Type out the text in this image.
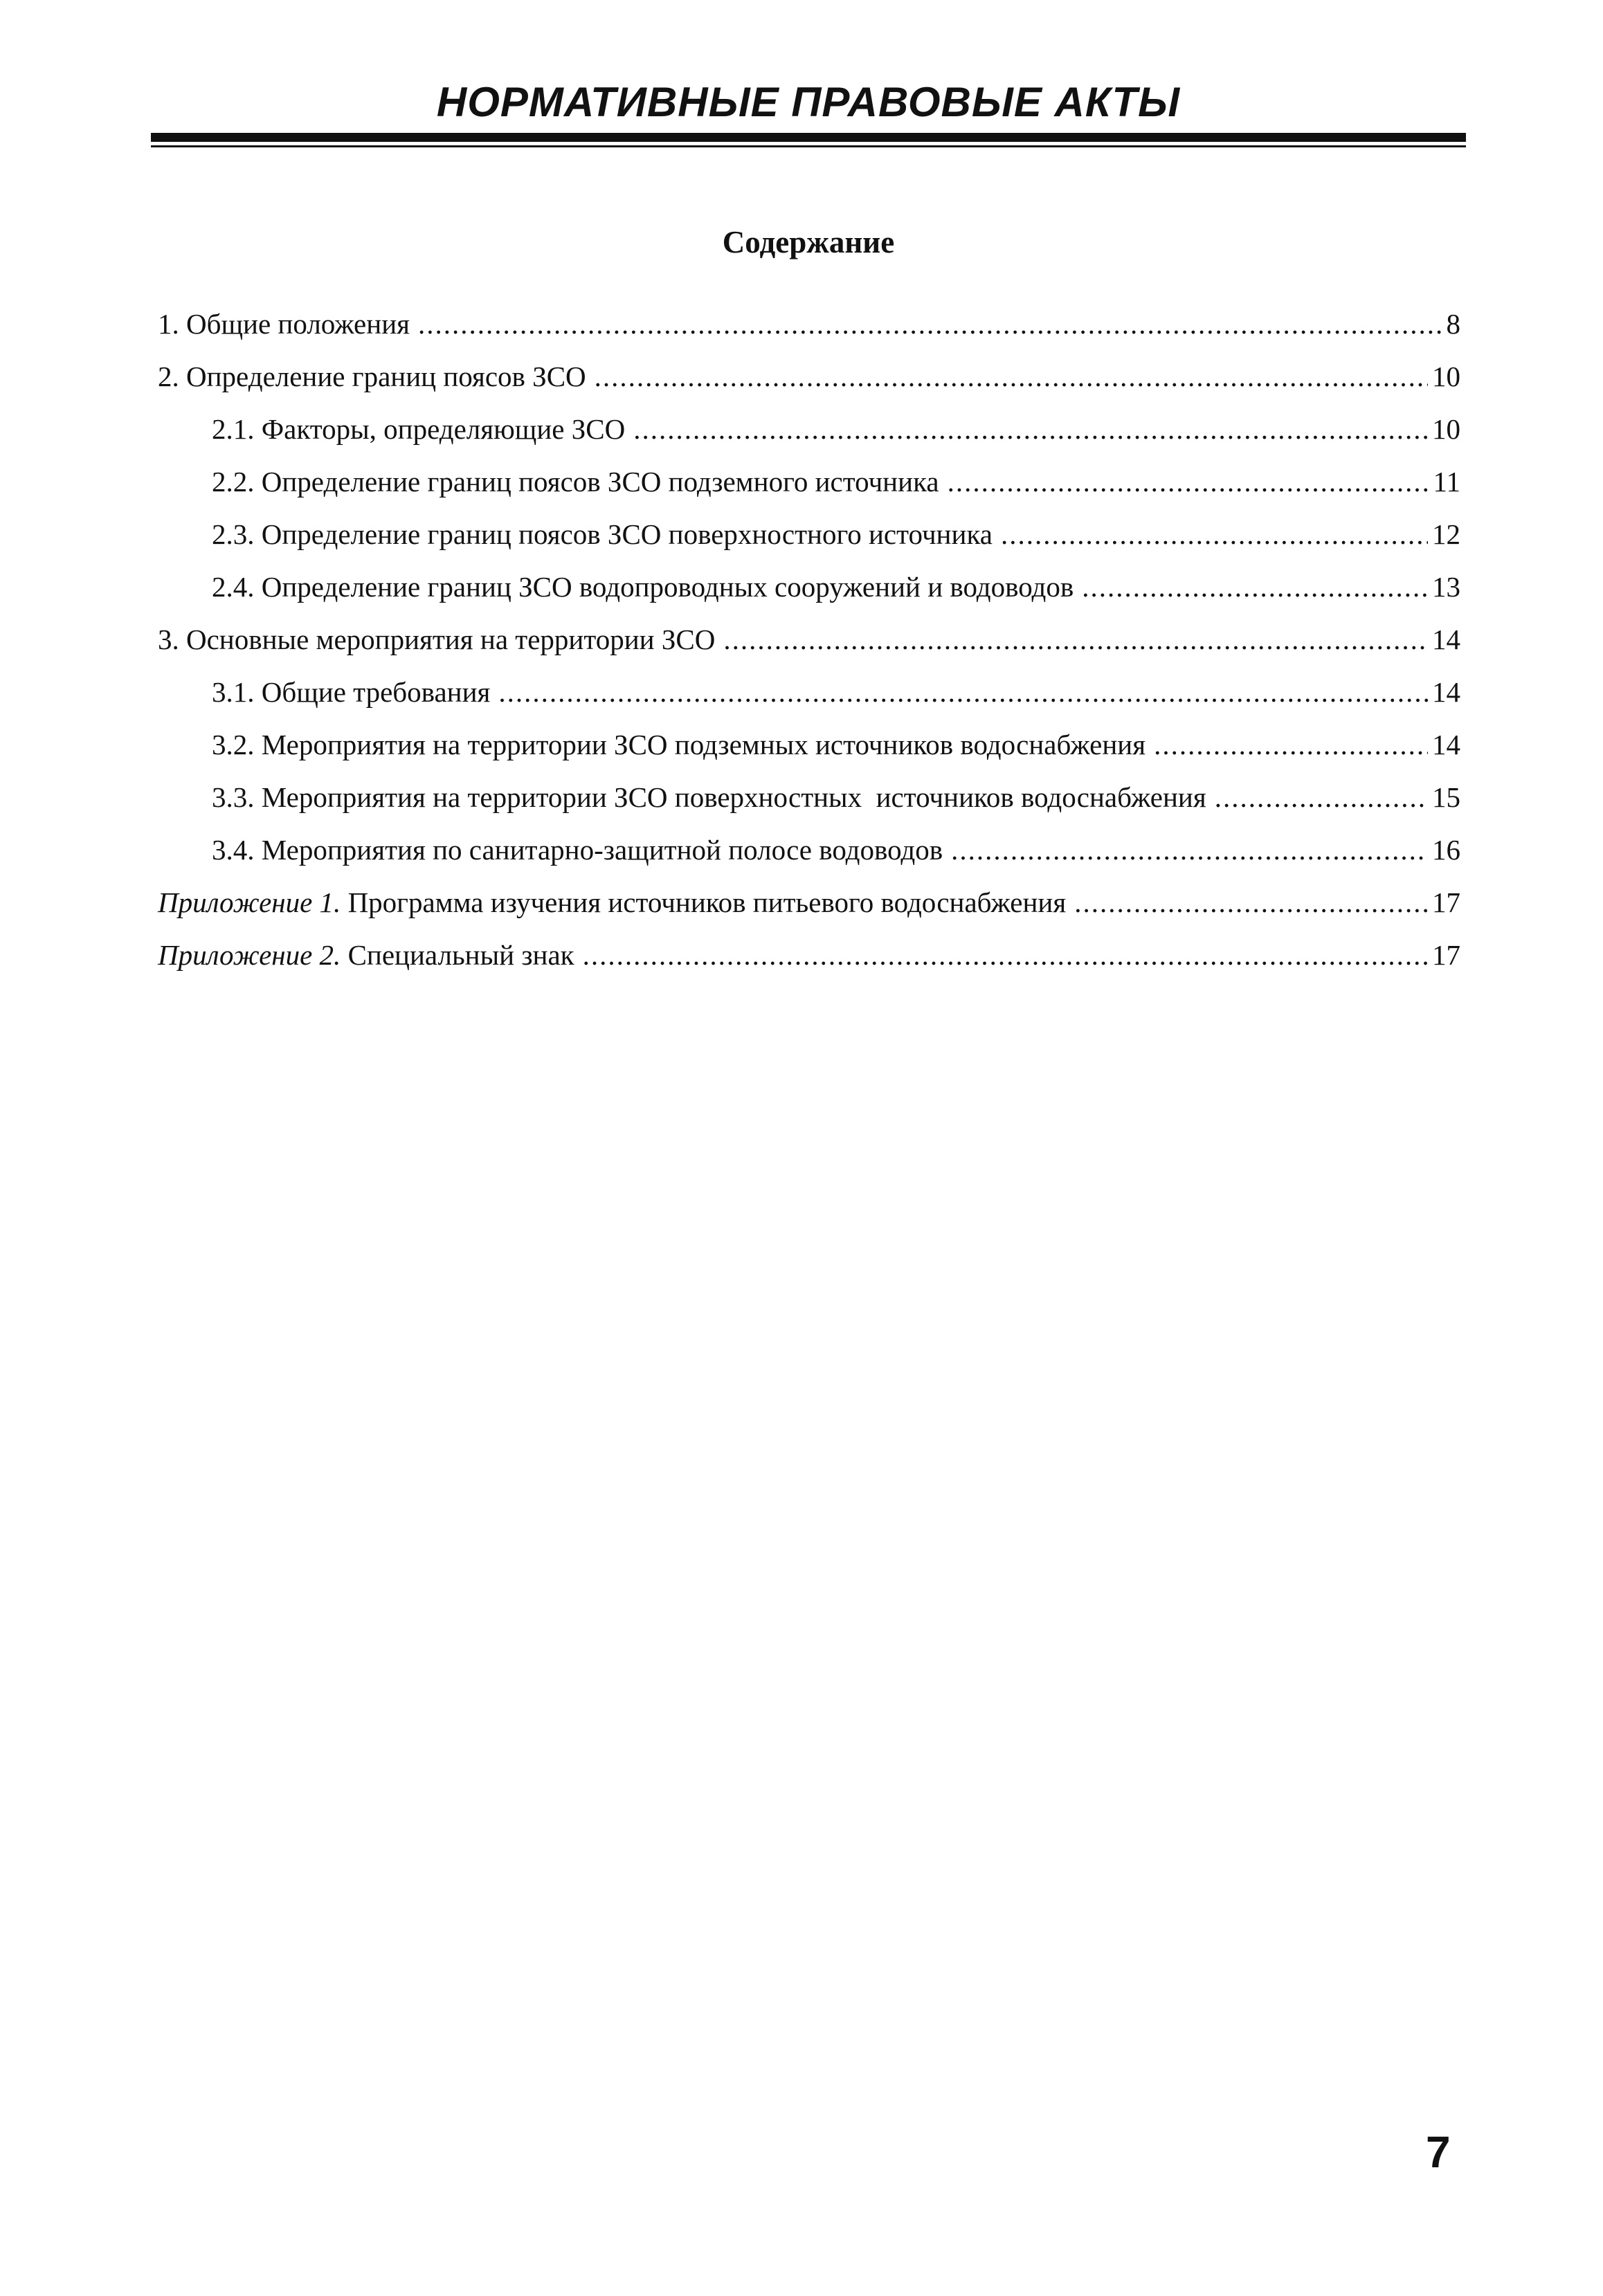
НОРМАТИВНЫЕ ПРАВОВЫЕ АКТЫ
Содержание
1. Общие положения .....	8
2. Определение границ поясов ЗСО .....	10
2.1. Факторы, определяющие ЗСО .....	10
2.2. Определение границ поясов ЗСО подземного источника .....	11
2.3. Определение границ поясов ЗСО поверхностного источника .....	12
2.4. Определение границ ЗСО водопроводных сооружений и водоводов .....	13
3. Основные мероприятия на территории ЗСО .....	14
3.1. Общие требования .....	14
3.2. Мероприятия на территории ЗСО подземных источников водоснабжения .....	14
3.3. Мероприятия на территории ЗСО поверхностных  источников водоснабжения .....	15
3.4. Мероприятия по санитарно-защитной полосе водоводов .....	16
Приложение 1. Программа изучения источников питьевого водоснабжения .....	17
Приложение 2. Специальный знак .....	17
7
